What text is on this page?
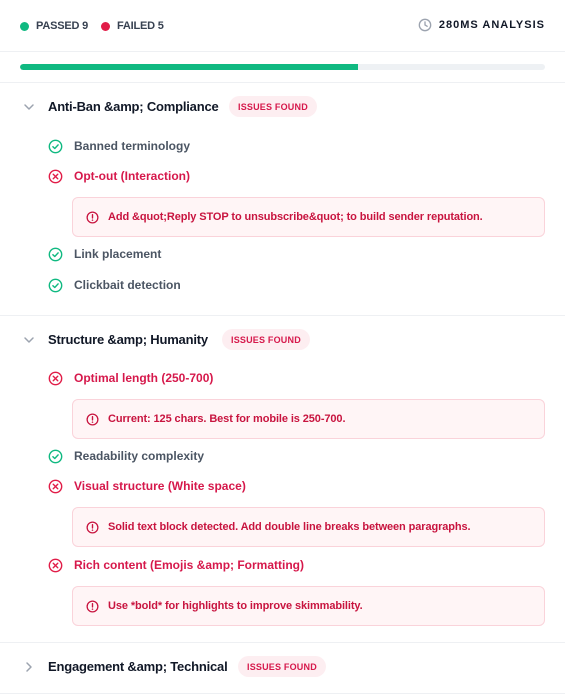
PASSED 9	FAILED 5	280MS ANALYSIS
Anti-Ban &amp; Compliance	ISSUES FOUND
Banned terminology
Opt-out (Interaction)
Add &quot;Reply STOP to unsubscribe&quot; to build sender reputation.
Link placement
Clickbait detection
Structure &amp; Humanity	ISSUES FOUND
Optimal length (250-700)
Current: 125 chars. Best for mobile is 250-700.
Readability complexity
Visual structure (White space)
Solid text block detected. Add double line breaks between paragraphs.
Rich content (Emojis &amp; Formatting)
Use *bold* for highlights to improve skimmability.
Engagement &amp; Technical	ISSUES FOUND
